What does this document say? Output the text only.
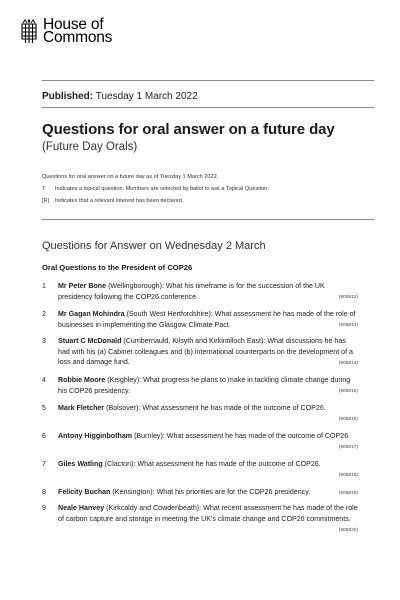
House of
Commons
Published: Tuesday 1 March 2022
Questions for oral answer on a future day
(Future Day Orals)
Questions for oral answer on a future day as of Tuesday 1 March 2022.
T Indicates a topical question. Members are selected by ballot to ask a Topical Question.
[R] Indicates that a relevant interest has been declared.
Questions for Answer on Wednesday 2 March
Oral Questions to the President of COP26
1	Mr Peter Bone (Wellingborough): What his timeframe is for the succession of the UK presidency following the COP26 conference.	(905812)
2	Mr Gagan Mohindra (South West Hertfordshire): What assessment he has made of the role of businesses in implementing the Glasgow Climate Pact.	(905813)
3	Stuart C McDonald (Cumbernauld, Kilsyth and Kirkintilloch East): What discussions he has had with his (a) Cabinet colleagues and (b) international counterparts on the development of a loss and damage fund.	(905814)
4	Robbie Moore (Keighley): What progress he plans to make in tackling climate change during his COP26 presidency.	(905815)
5	Mark Fletcher (Bolsover): What assessment he has made of the outcome of COP26.
(905816)
6	Antony Higginbotham (Burnley): What assessment he has made of the outcome of COP26.
(905817)
7	Giles Watling (Clacton): What assessment he has made of the outcome of COP26.
(905818)
8	Felicity Buchan (Kensington): What his priorities are for the COP26 presidency.	(905819)
9	Neale Hanvey (Kirkcaldy and Cowdenbeath): What recent assessment he has made of the role of carbon capture and storage in meeting the UK's climate change and COP26 commitments.
(905820)
